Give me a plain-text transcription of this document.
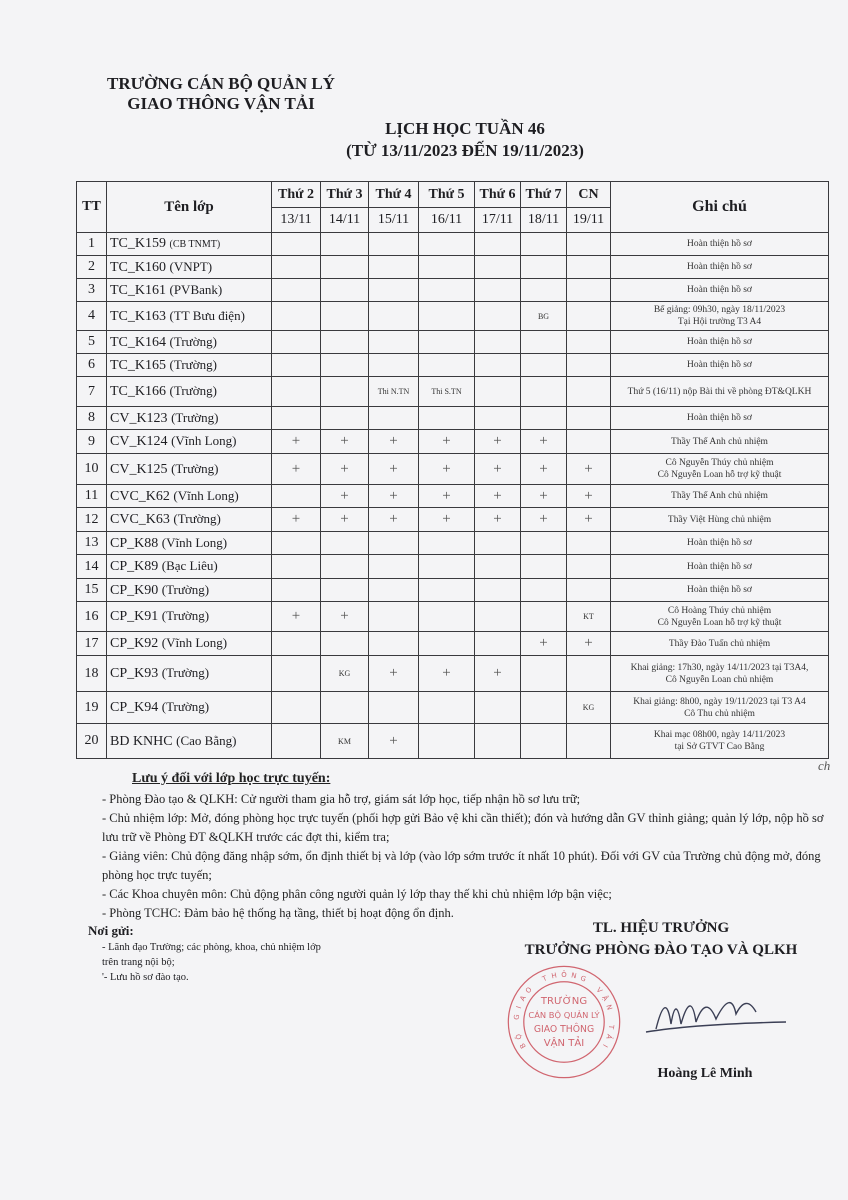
TRƯỜNG CÁN BỘ QUẢN LÝ
GIAO THÔNG VẬN TẢI
LỊCH HỌC TUẦN 46
(TỪ 13/11/2023 ĐẾN 19/11/2023)
TT	Tên lớp	Thứ 2	Thứ 3	Thứ 4	Thứ 5	Thứ 6	Thứ 7	CN	Ghi chú
		13/11	14/11	15/11	16/11	17/11	18/11	19/11	
1	TC_K159 (CB TNMT)								Hoàn thiện hồ sơ
2	TC_K160 (VNPT)								Hoàn thiện hồ sơ
3	TC_K161 (PVBank)								Hoàn thiện hồ sơ
4	TC_K163 (TT Bưu điện)						BG		Bế giảng: 09h30, ngày 18/11/2023
Tại Hội trường T3 A4
5	TC_K164 (Trường)								Hoàn thiện hồ sơ
6	TC_K165 (Trường)								Hoàn thiện hồ sơ
7	TC_K166 (Trường)			Thi N.TN	Thi S.TN				Thứ 5 (16/11) nộp Bài thi về phòng ĐT&QLKH
8	CV_K123 (Trường)								Hoàn thiện hồ sơ
9	CV_K124 (Vĩnh Long)	+	+	+	+	+	+		Thầy Thế Anh chủ nhiệm
10	CV_K125 (Trường)	+	+	+	+	+	+	+	Cô Nguyễn Thúy chủ nhiệm
Cô Nguyễn Loan hỗ trợ kỹ thuật
11	CVC_K62 (Vĩnh Long)		+	+	+	+	+	+	Thầy Thế Anh chủ nhiệm
12	CVC_K63 (Trường)	+	+	+	+	+	+	+	Thầy Việt Hùng chủ nhiệm
13	CP_K88 (Vĩnh Long)								Hoàn thiện hồ sơ
14	CP_K89 (Bạc Liêu)								Hoàn thiện hồ sơ
15	CP_K90 (Trường)								Hoàn thiện hồ sơ
16	CP_K91 (Trường)	+	+					KT	Cô Hoàng Thúy chủ nhiệm
Cô Nguyễn Loan hỗ trợ kỹ thuật
17	CP_K92 (Vĩnh Long)						+	+	Thầy Đào Tuấn chủ nhiệm
18	CP_K93 (Trường)		KG	+	+	+			Khai giảng: 17h30, ngày 14/11/2023 tại T3A4,
Cô Nguyễn Loan chủ nhiệm
19	CP_K94 (Trường)							KG	Khai giảng: 8h00, ngày 19/11/2023 tại T3 A4
Cô Thu chủ nhiệm
20	BD KNHC (Cao Bằng)		KM	+					Khai mạc 08h00, ngày 14/11/2023
tại Sở GTVT Cao Bằng
ch
Lưu ý đối với lớp học trực tuyến:
- Phòng Đào tạo & QLKH: Cử người tham gia hỗ trợ, giám sát lớp học, tiếp nhận hồ sơ lưu trữ;
- Chủ nhiệm lớp: Mở, đóng phòng học trực tuyến (phối hợp gửi Bảo vệ khi cần thiết); đón và hướng dẫn GV thỉnh giảng; quản lý lớp, nộp hồ sơ lưu trữ về Phòng ĐT &QLKH trước các đợt thi, kiểm tra;
- Giảng viên: Chủ động đăng nhập sớm, ổn định thiết bị và lớp (vào lớp sớm trước ít nhất 10 phút). Đối với GV của Trường chủ động mở, đóng phòng học trực tuyến;
- Các Khoa chuyên môn: Chủ động phân công người quản lý lớp thay thế khi chủ nhiệm lớp bận việc;
- Phòng TCHC: Đảm bảo hệ thống hạ tầng, thiết bị hoạt động ổn định.
Nơi gửi:
- Lãnh đạo Trường; các phòng, khoa, chủ nhiệm lớp
trên trang nội bộ;
'- Lưu hồ sơ đào tạo.
TRƯỜNG
CÁN BỘ QUẢN LÝ
GIAO THÔNG
VẬN TẢI
B
Ộ
G
I
A
O
T H Ô N G
V
Ậ
N
T
Ả
I
TL. HIỆU TRƯỞNG
TRƯỞNG PHÒNG ĐÀO TẠO VÀ QLKH
Hoàng Lê Minh
